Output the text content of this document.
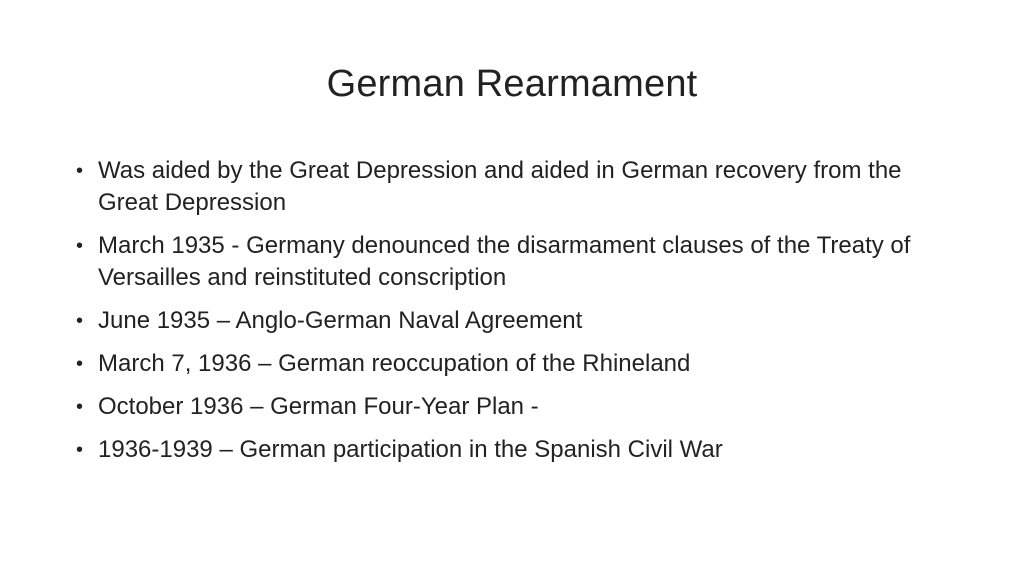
German Rearmament
• Was aided by the Great Depression and aided in German recovery from the Great Depression
• March 1935 - Germany denounced the disarmament clauses of the Treaty of Versailles and reinstituted conscription
• June 1935 – Anglo-German Naval Agreement
• March 7, 1936 – German reoccupation of the Rhineland
• October 1936 – German Four-Year Plan -
• 1936-1939 – German participation in the Spanish Civil War
